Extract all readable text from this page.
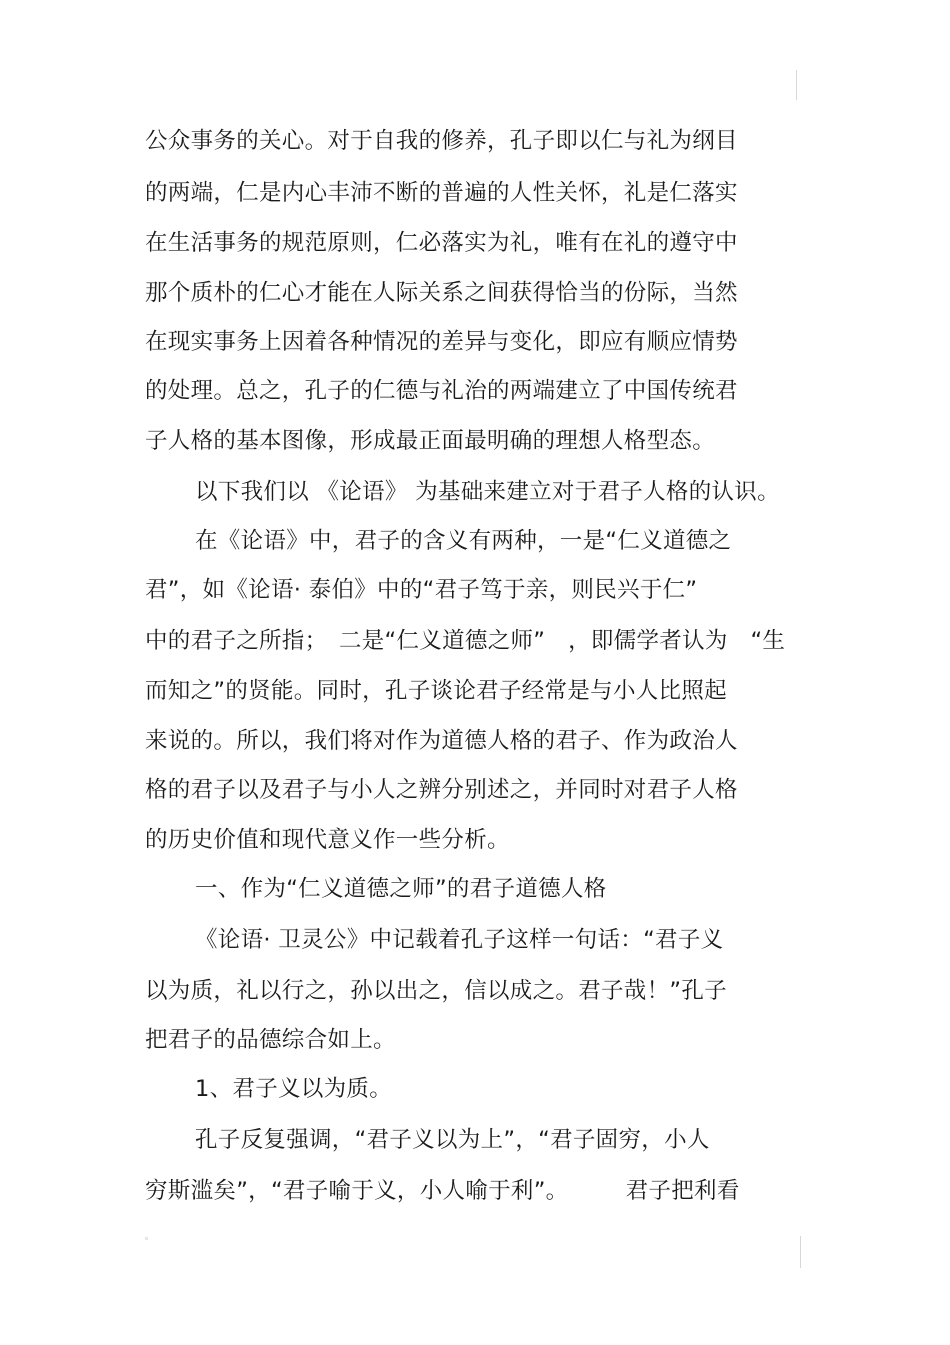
公众事务的关心。对于自我的修养，孔子即以仁与礼为纲目
的两端，仁是内心丰沛不断的普遍的人性关怀，礼是仁落实
在生活事务的规范原则，仁必落实为礼，唯有在礼的遵守中
那个质朴的仁心才能在人际关系之间获得恰当的份际，当然
在现实事务上因着各种情况的差异与变化，即应有顺应情势
的处理。总之，孔子的仁德与礼治的两端建立了中国传统君
子人格的基本图像，形成最正面最明确的理想人格型态。
以下我们以 《论语》 为基础来建立对于君子人格的认识。
在《论语》中，君子的含义有两种，一是“仁义道德之
君”，如《论语· 泰伯》中的“君子笃于亲，则民兴于仁”
中的君子之所指；　二是“仁义道德之师”　，即儒学者认为　“生
而知之”的贤能。同时，孔子谈论君子经常是与小人比照起
来说的。所以，我们将对作为道德人格的君子、作为政治人
格的君子以及君子与小人之辨分别述之，并同时对君子人格
的历史价值和现代意义作一些分析。
一、作为“仁义道德之师”的君子道德人格
《论语· 卫灵公》中记载着孔子这样一句话：“君子义
以为质，礼以行之，孙以出之，信以成之。君子哉！”孔子
把君子的品德综合如上。
1、君子义以为质。
孔子反复强调，“君子义以为上”，“君子固穷，小人
穷斯滥矣”，“君子喻于义，小人喻于利”。　　　君子把利看
